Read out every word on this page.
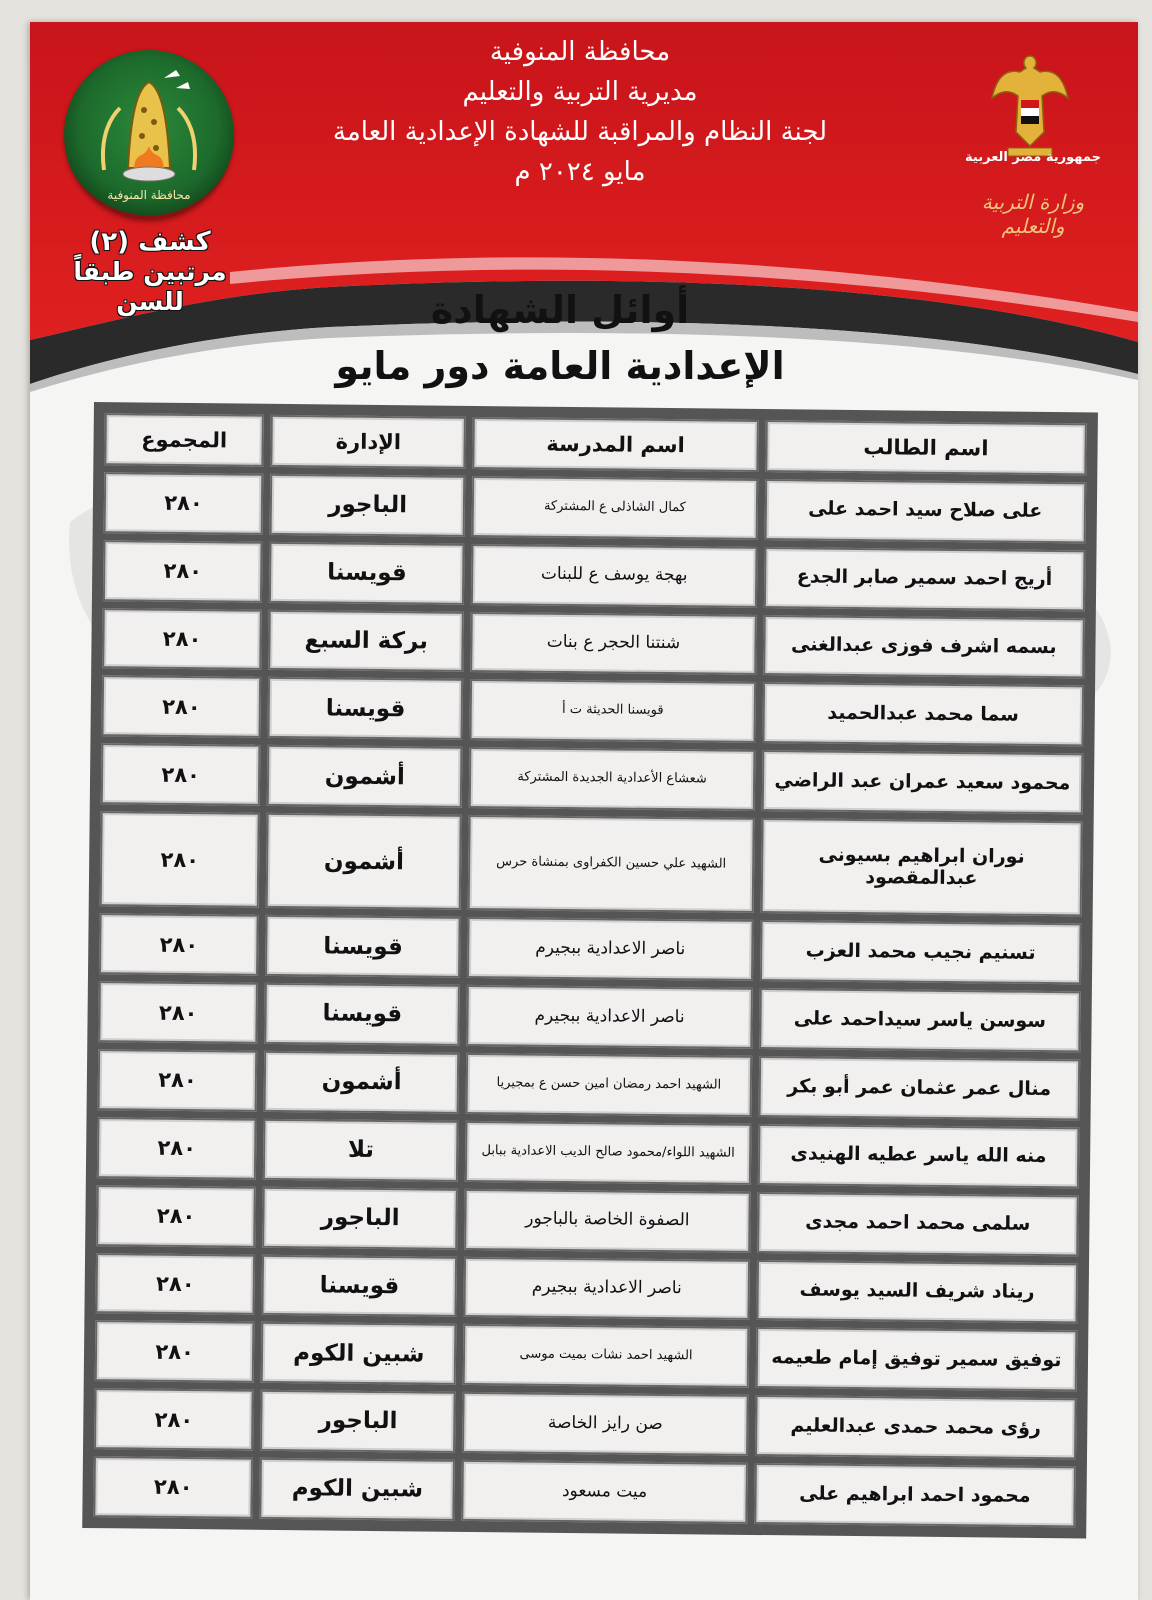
محافظة المنوفية
مديرية التربية والتعليم
لجنة النظام والمراقبة للشهادة الإعدادية العامة
مايو ٢٠٢٤ م
محافظة المنوفية
كشف (٢)
مرتبين طبقاً للسن
جمهورية مصر العربية
وزارة التربية والتعليم
أوائل الشهادة
الإعدادية العامة دور مايو
اسم الطالب	اسم المدرسة	الإدارة	المجموع
على صلاح سيد احمد على	كمال الشاذلى ع المشتركة	الباجور	٢٨٠
أريج احمد سمير صابر الجدع	بهجة يوسف ع للبنات	قويسنا	٢٨٠
بسمه اشرف فوزى عبدالغنى	شنتنا الحجر ع بنات	بركة السبع	٢٨٠
سما محمد عبدالحميد	قويسنا الحديثة ت أ	قويسنا	٢٨٠
محمود سعيد عمران عبد الراضي	شعشاع الأعدادية الجديدة المشتركة	أشمون	٢٨٠
نوران ابراهيم بسيونى عبدالمقصود	الشهيد علي حسين الكفراوى بمنشاة حرس	أشمون	٢٨٠
تسنيم نجيب محمد العزب	ناصر الاعدادية ببجيرم	قويسنا	٢٨٠
سوسن ياسر سيداحمد على	ناصر الاعدادية ببجيرم	قويسنا	٢٨٠
منال عمر عثمان عمر أبو بكر	الشهيد احمد رمضان امين حسن ع بمجيريا	أشمون	٢٨٠
منه الله ياسر عطيه الهنيدى	الشهيد اللواء/محمود صالح الديب الاعدادية ببابل	تلا	٢٨٠
سلمى محمد احمد مجدى	الصفوة الخاصة بالباجور	الباجور	٢٨٠
ريناد شريف السيد يوسف	ناصر الاعدادية ببجيرم	قويسنا	٢٨٠
توفيق سمير توفيق إمام طعيمه	الشهيد احمد نشات بميت موسى	شبين الكوم	٢٨٠
رؤى محمد حمدى عبدالعليم	صن رايز الخاصة	الباجور	٢٨٠
محمود احمد ابراهيم على	ميت مسعود	شبين الكوم	٢٨٠
